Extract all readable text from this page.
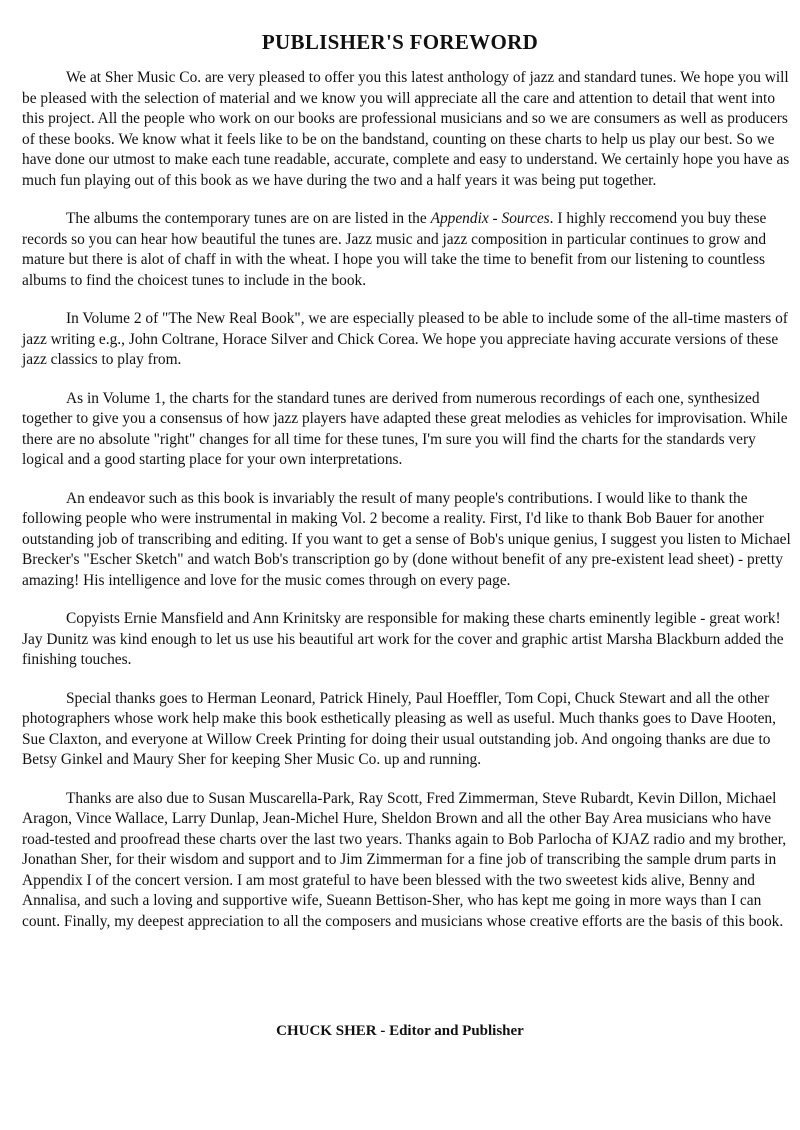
PUBLISHER'S FOREWORD

We at Sher Music Co. are very pleased to offer you this latest anthology of jazz and standard tunes. We hope you will be pleased with the selection of material and we know you will appreciate all the care and attention to detail that went into this project. All the people who work on our books are professional musicians and so we are consumers as well as producers of these books. We know what it feels like to be on the bandstand, counting on these charts to help us play our best. So we have done our utmost to make each tune readable, accurate, complete and easy to understand. We certainly hope you have as much fun playing out of this book as we have during the two and a half years it was being put together.

The albums the contemporary tunes are on are listed in the Appendix - Sources. I highly reccomend you buy these records so you can hear how beautiful the tunes are. Jazz music and jazz composition in particular continues to grow and mature but there is alot of chaff in with the wheat. I hope you will take the time to benefit from our listening to countless albums to find the choicest tunes to include in the book.

In Volume 2 of "The New Real Book", we are especially pleased to be able to include some of the all-time masters of jazz writing e.g., John Coltrane, Horace Silver and Chick Corea. We hope you appreciate having accurate versions of these jazz classics to play from.

As in Volume 1, the charts for the standard tunes are derived from numerous recordings of each one, synthesized together to give you a consensus of how jazz players have adapted these great melodies as vehicles for improvisation. While there are no absolute "right" changes for all time for these tunes, I'm sure you will find the charts for the standards very logical and a good starting place for your own interpretations.

An endeavor such as this book is invariably the result of many people's contributions. I would like to thank the following people who were instrumental in making Vol. 2 become a reality. First, I'd like to thank Bob Bauer for another outstanding job of transcribing and editing. If you want to get a sense of Bob's unique genius, I suggest you listen to Michael Brecker's "Escher Sketch" and watch Bob's transcription go by (done without benefit of any pre-existent lead sheet) - pretty amazing! His intelligence and love for the music comes through on every page.

Copyists Ernie Mansfield and Ann Krinitsky are responsible for making these charts eminently legible - great work! Jay Dunitz was kind enough to let us use his beautiful art work for the cover and graphic artist Marsha Blackburn added the finishing touches.

Special thanks goes to Herman Leonard, Patrick Hinely, Paul Hoeffler, Tom Copi, Chuck Stewart and all the other photographers whose work help make this book esthetically pleasing as well as useful. Much thanks goes to Dave Hooten, Sue Claxton, and everyone at Willow Creek Printing for doing their usual outstanding job. And ongoing thanks are due to Betsy Ginkel and Maury Sher for keeping Sher Music Co. up and running.

Thanks are also due to Susan Muscarella-Park, Ray Scott, Fred Zimmerman, Steve Rubardt, Kevin Dillon, Michael Aragon, Vince Wallace, Larry Dunlap, Jean-Michel Hure, Sheldon Brown and all the other Bay Area musicians who have road-tested and proofread these charts over the last two years. Thanks again to Bob Parlocha of KJAZ radio and my brother, Jonathan Sher, for their wisdom and support and to Jim Zimmerman for a fine job of transcribing the sample drum parts in Appendix I of the concert version. I am most grateful to have been blessed with the two sweetest kids alive, Benny and Annalisa, and such a loving and supportive wife, Sueann Bettison-Sher, who has kept me going in more ways than I can count. Finally, my deepest appreciation to all the composers and musicians whose creative efforts are the basis of this book.

CHUCK SHER - Editor and Publisher
